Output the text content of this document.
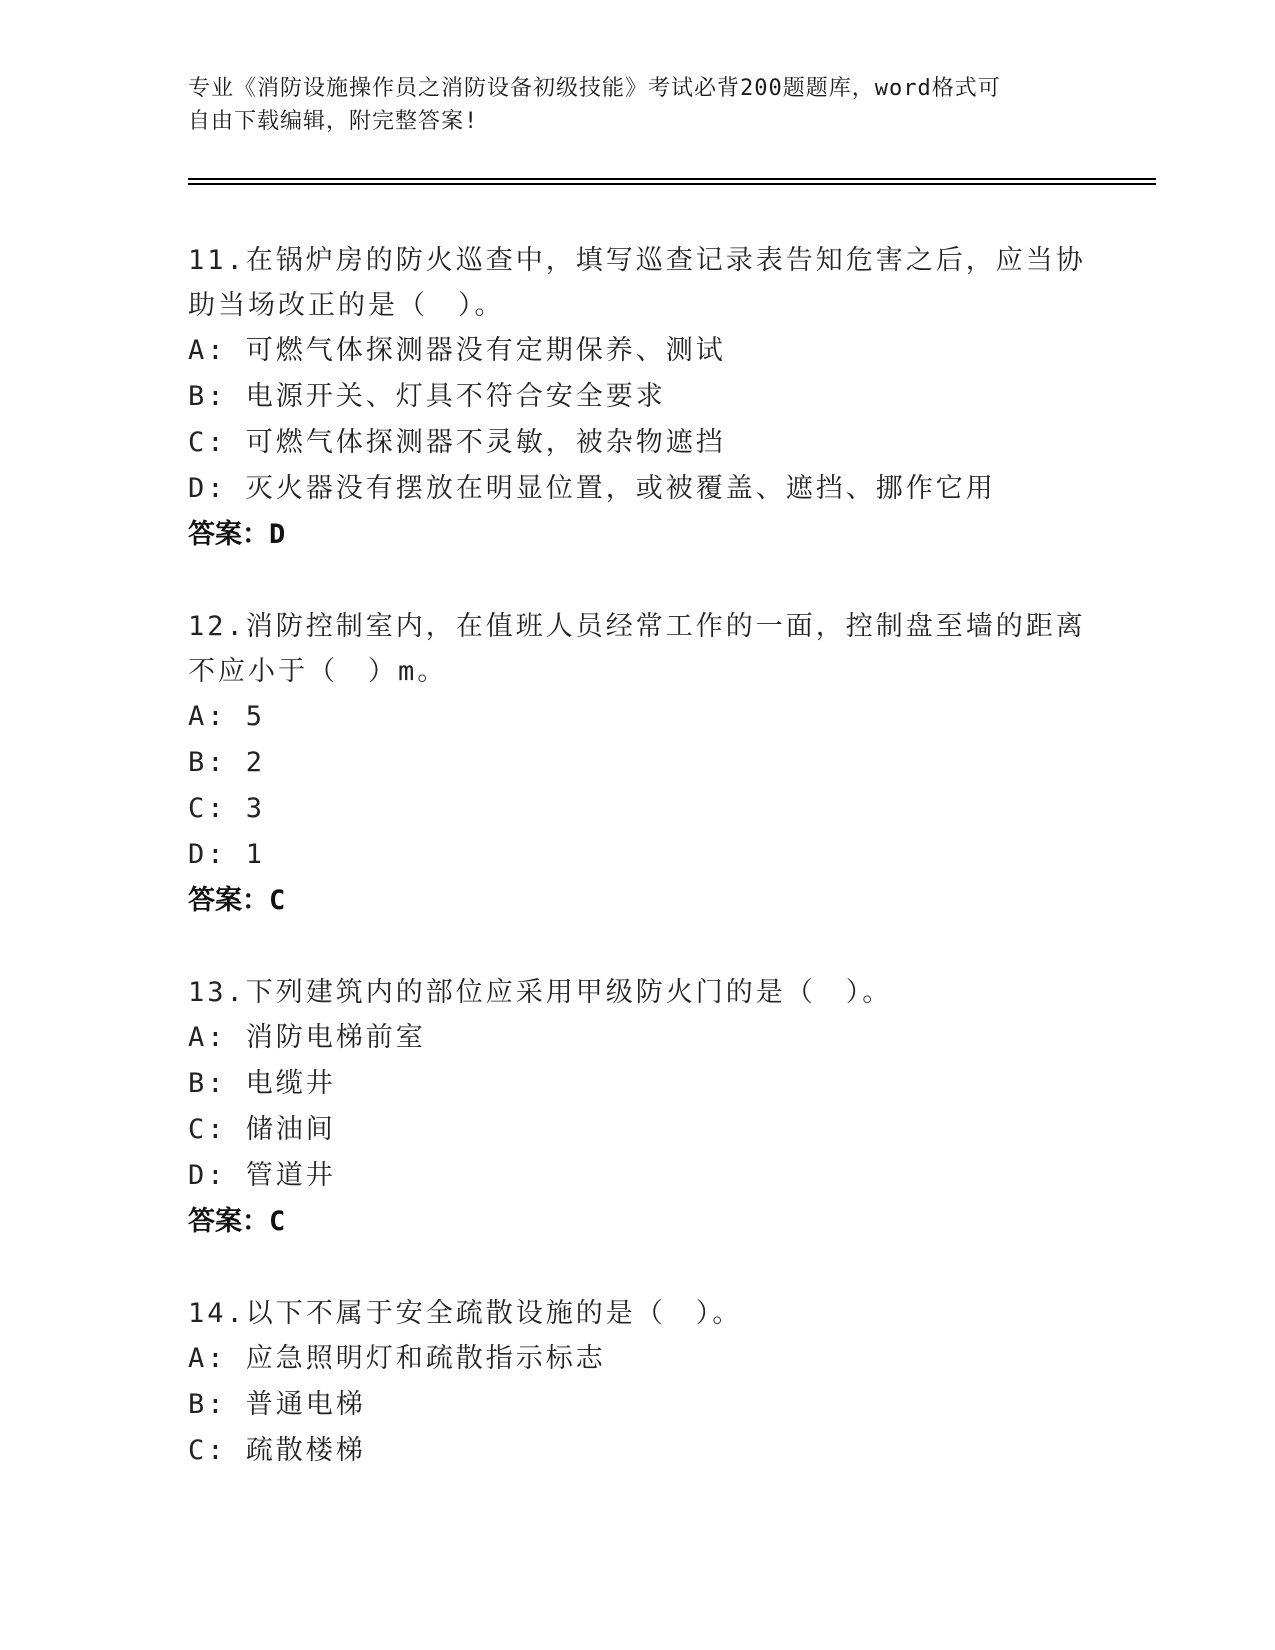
专业《消防设施操作员之消防设备初级技能》考试必背200题题库，word格式可
自由下载编辑，附完整答案!
11.在锅炉房的防火巡查中，填写巡查记录表告知危害之后，应当协助当场改正的是（　）。
A: 可燃气体探测器没有定期保养、测试
B: 电源开关、灯具不符合安全要求
C: 可燃气体探测器不灵敏，被杂物遮挡
D: 灭火器没有摆放在明显位置，或被覆盖、遮挡、挪作它用
答案：D
12.消防控制室内，在值班人员经常工作的一面，控制盘至墙的距离不应小于（　）m。
A: 5
B: 2
C: 3
D: 1
答案：C
13.下列建筑内的部位应采用甲级防火门的是（　）。
A: 消防电梯前室
B: 电缆井
C: 储油间
D: 管道井
答案：C
14.以下不属于安全疏散设施的是（　）。
A: 应急照明灯和疏散指示标志
B: 普通电梯
C: 疏散楼梯
